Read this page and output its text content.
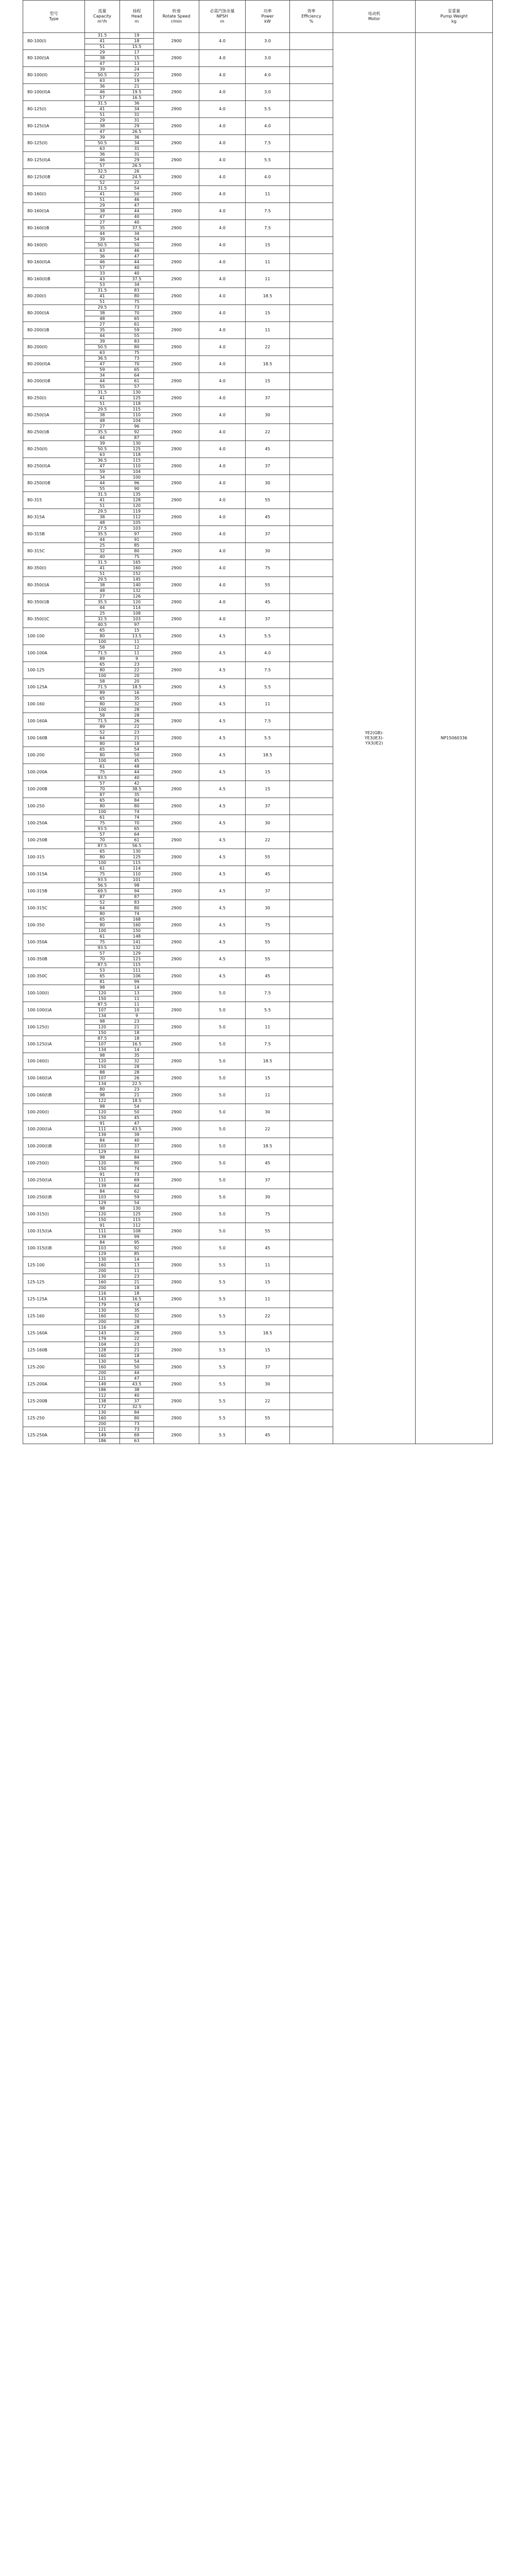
型号
Type	流量
Capacity
m³/h	扬程
Head
m	转速
Rotate Speed
r/min	必需汽蚀余量
NPSH
m	功率
Power
kW	效率
Efficiency
%	电动机
Motor	泵重量
Pump Weight
kg
80-100(I)	31.5	19	2900	4.0	3.0		YE2(GB)-
YE3(IE3)-
YX3(IE2)	NP15060336
	41	18						
	51	15.5						
80-100(I)A	29	17	2900	4.0	3.0			
	38	15						
	47	13						
80-100(II)	39	24	2900	4.0	4.0			
	50.5	22						
	63	19						
80-100(II)A	36	21	2900	4.0	3.0			
	46	19.5						
	57	16.5						
80-125(I)	31.5	36	2900	4.0	5.5			
	41	34						
	51	31						
80-125(I)A	29	31	2900	4.0	4.0			
	38	29						
	47	26.5						
80-125(II)	39	36	2900	4.0	7.5			
	50.5	34						
	63	31						
80-125(II)A	36	31	2900	4.0	5.5			
	46	29						
	57	26.5						
80-125(II)B	32.5	26	2900	4.0	4.0			
	42	24.5						
	52	22						
80-160(I)	31.5	54	2900	4.0	11			
	41	50						
	51	46						
80-160(I)A	29	47	2900	4.0	7.5			
	38	44						
	47	40						
80-160(I)B	27	40	2900	4.0	7.5			
	35	37.5						
	44	34						
80-160(II)	39	54	2900	4.0	15			
	50.5	50						
	63	46						
80-160(II)A	36	47	2900	4.0	11			
	46	44						
	57	40						
80-160(II)B	33	40	2900	4.0	11			
	43	37.5						
	53	34						
80-200(I)	31.5	83	2900	4.0	18.5			
	41	80						
	51	75						
80-200(I)A	29.5	73	2900	4.0	15			
	38	70						
	48	65						
80-200(I)B	27	61	2900	4.0	11			
	35	59						
	44	55						
80-200(II)	39	83	2900	4.0	22			
	50.5	80						
	63	75						
80-200(II)A	36.5	73	2900	4.0	18.5			
	47	70						
	59	65						
80-200(II)B	34	64	2900	4.0	15			
	44	61						
	55	57						
80-250(I)	31.5	130	2900	4.0	37			
	41	125						
	51	118						
80-250(I)A	29.5	115	2900	4.0	30			
	38	110						
	48	104						
80-250(I)B	27	96	2900	4.0	22			
	35.5	92						
	44	87						
80-250(II)	39	130	2900	4.0	45			
	50.5	125						
	63	118						
80-250(II)A	36.5	115	2900	4.0	37			
	47	110						
	59	104						
80-250(II)B	34	100	2900	4.0	30			
	44	96						
	55	90						
80-315	31.5	135	2900	4.0	55			
	41	128						
	51	120						
80-315A	29.5	119	2900	4.0	45			
	38	112						
	48	105						
80-315B	27.5	103	2900	4.0	37			
	35.5	97						
	44	91						
80-315C	25	85	2900	4.0	30			
	32	80						
	40	75						
80-350(I)	31.5	165	2900	4.0	75			
	41	160						
	51	152						
80-350(I)A	29.5	145	2900	4.0	55			
	38	140						
	48	132						
80-350(I)B	27	126	2900	4.0	45			
	35.5	120						
	44	114						
80-350(I)C	25	108	2900	4.0	37			
	32.5	103						
	40.5	97						
100-100	65	15	2900	4.5	5.5			
	80	13.5						
	100	11						
100-100A	58	12	2900	4.5	4.0			
	71.5	11						
	89	9						
100-125	65	23	2900	4.5	7.5			
	80	22						
	100	20						
100-125A	58	20	2900	4.5	5.5			
	71.5	18.5						
	89	16						
100-160	65	35	2900	4.5	11			
	80	32						
	100	28						
100-160A	58	28	2900	4.5	7.5			
	71.5	26						
	89	22						
100-160B	52	23	2900	4.5	5.5			
	64	21						
	80	18						
100-200	65	54	2900	4.5	18.5			
	80	50						
	100	45						
100-200A	61	48	2900	4.5	15			
	75	44						
	93.5	40						
100-200B	57	42	2900	4.5	15			
	70	38.5						
	87	35						
100-250	65	84	2900	4.5	37			
	80	80						
	100	74						
100-250A	61	74	2900	4.5	30			
	75	70						
	93.5	65						
100-250B	57	64	2900	4.5	22			
	70	61						
	87.5	56.5						
100-315	65	130	2900	4.5	55			
	80	125						
	100	115						
100-315A	61	114	2900	4.5	45			
	75	110						
	93.5	101						
100-315B	56.5	98	2900	4.5	37			
	69.5	94						
	87	87						
100-315C	52	83	2900	4.5	30			
	64	80						
	80	74						
100-350	65	168	2900	4.5	75			
	80	160						
	100	150						
100-350A	61	148	2900	4.5	55			
	75	141						
	93.5	132						
100-350B	57	129	2900	4.5	55			
	70	123						
	87.5	115						
100-350C	53	111	2900	4.5	45			
	65	106						
	81	99						
100-100(I)	98	14	2900	5.0	7.5			
	120	13						
	150	11						
100-100(I)A	87.5	11	2900	5.0	5.5			
	107	10						
	134	9						
100-125(I)	98	23	2900	5.0	11			
	120	21						
	150	18						
100-125(I)A	87.5	18	2900	5.0	7.5			
	107	16.5						
	134	14						
100-160(I)	98	35	2900	5.0	18.5			
	120	32						
	150	28						
100-160(I)A	88	28	2900	5.0	15			
	107	26						
	134	22.5						
100-160(I)B	80	23	2900	5.0	11			
	98	21						
	122	18.5						
100-200(I)	98	54	2900	5.0	30			
	120	50						
	150	45						
100-200(I)A	91	47	2900	5.0	22			
	111	43.5						
	139	39						
100-200(I)B	84	40	2900	5.0	18.5			
	103	37						
	129	33						
100-250(I)	98	84	2900	5.0	45			
	120	80						
	150	74						
100-250(I)A	91	73	2900	5.0	37			
	111	69						
	139	64						
100-250(I)B	84	62	2900	5.0	30			
	103	59						
	129	54						
100-315(I)	98	130	2900	5.0	75			
	120	125						
	150	115						
100-315(I)A	91	112	2900	5.0	55			
	111	108						
	139	99						
100-315(I)B	84	95	2900	5.0	45			
	103	92						
	129	85						
125-100	130	14	2900	5.5	11			
	160	13						
	200	11						
125-125	130	23	2900	5.5	15			
	160	21						
	200	18						
125-125A	116	18	2900	5.5	11			
	143	16.5						
	179	14						
125-160	130	35	2900	5.5	22			
	160	32						
	200	28						
125-160A	116	28	2900	5.5	18.5			
	143	26						
	179	22						
125-160B	104	23	2900	5.5	15			
	128	21						
	160	18						
125-200	130	54	2900	5.5	37			
	160	50						
	200	44						
125-200A	121	47	2900	5.5	30			
	149	43.5						
	186	38						
125-200B	112	40	2900	5.5	22			
	138	37						
	172	32.5						
125-250	130	84	2900	5.5	55			
	160	80						
	200	73						
125-250A	121	73	2900	5.5	45			
	149	69						
	186	63						
